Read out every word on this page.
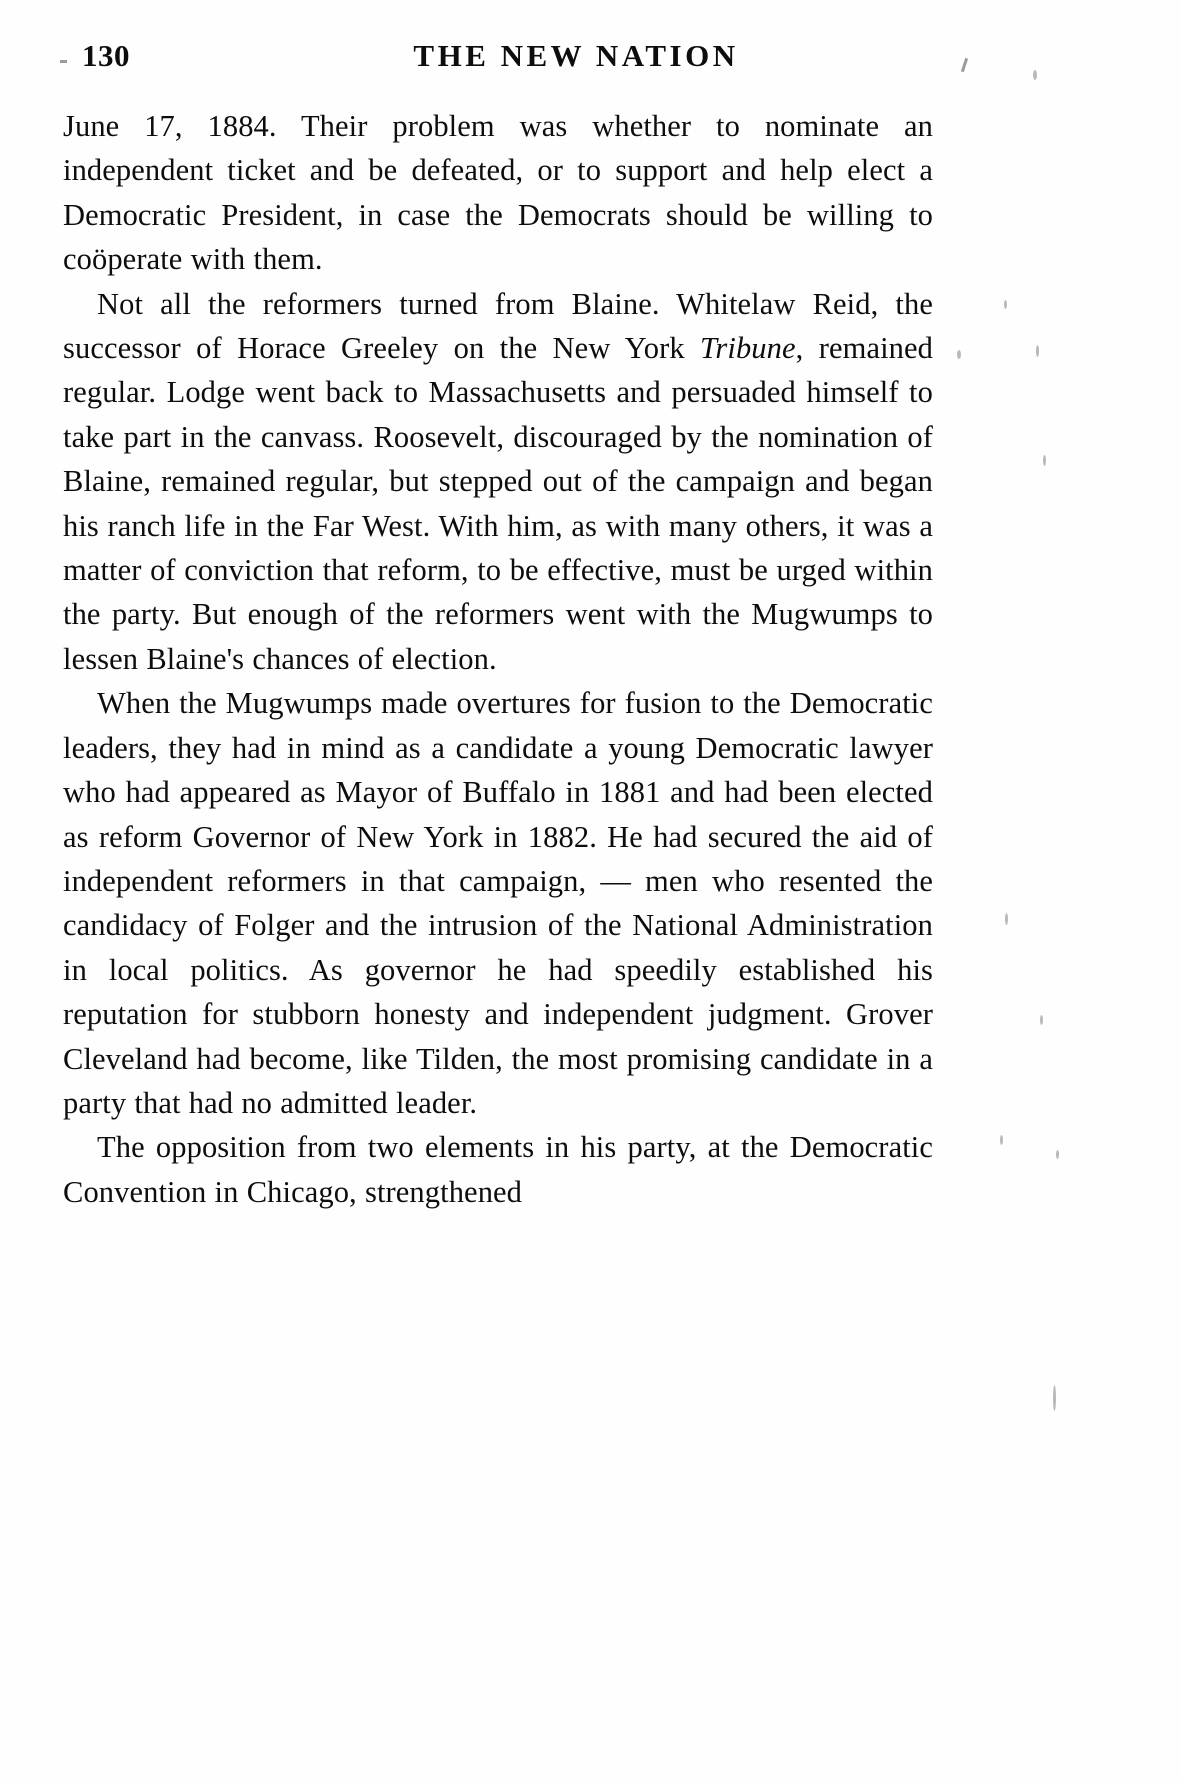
130	THE NEW NATION

June 17, 1884. Their problem was whether to nominate an independent ticket and be defeated, or to support and help elect a Democratic President, in case the Democrats should be willing to coöperate with them.

Not all the reformers turned from Blaine. Whitelaw Reid, the successor of Horace Greeley on the New York Tribune, remained regular. Lodge went back to Massachusetts and persuaded himself to take part in the canvass. Roosevelt, discouraged by the nomination of Blaine, remained regular, but stepped out of the campaign and began his ranch life in the Far West. With him, as with many others, it was a matter of conviction that reform, to be effective, must be urged within the party. But enough of the reformers went with the Mugwumps to lessen Blaine's chances of election.

When the Mugwumps made overtures for fusion to the Democratic leaders, they had in mind as a candidate a young Democratic lawyer who had appeared as Mayor of Buffalo in 1881 and had been elected as reform Governor of New York in 1882. He had secured the aid of independent reformers in that campaign, — men who resented the candidacy of Folger and the intrusion of the National Administration in local politics. As governor he had speedily established his reputation for stubborn honesty and independent judgment. Grover Cleveland had become, like Tilden, the most promising candidate in a party that had no admitted leader.

The opposition from two elements in his party, at the Democratic Convention in Chicago, strengthened
